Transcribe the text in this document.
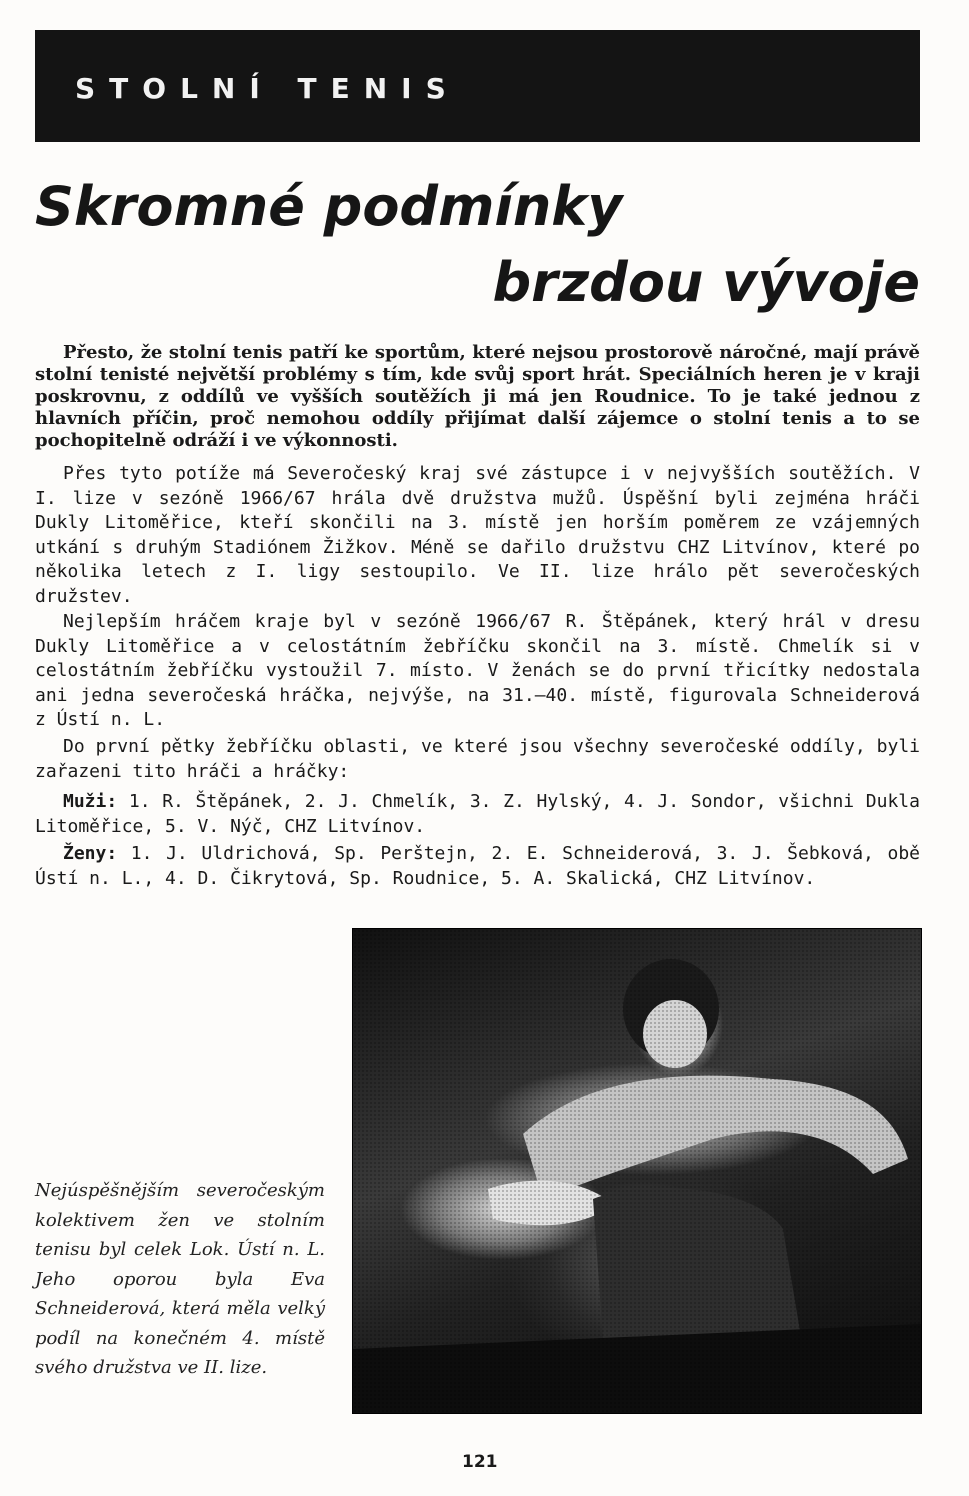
STOLNÍ TENIS
Skromné podmínky
brzdou vývoje

Přesto, že stolní tenis patří ke sportům, které nejsou prostorově náročné, mají právě stolní tenisté největší problémy s tím, kde svůj sport hrát. Speciálních heren je v kraji poskrovnu, z oddílů ve vyšších soutěžích ji má jen Roudnice. To je také jednou z hlavních příčin, proč nemohou oddíly přijímat další zájemce o stolní tenis a to se pochopitelně odráží i ve výkonnosti.

Přes tyto potíže má Severočeský kraj své zástupce i v nejvyšších soutěžích. V I. lize v sezóně 1966/67 hrála dvě družstva mužů. Úspěšní byli zejména hráči Dukly Litoměřice, kteří skončili na 3. místě jen horším poměrem ze vzájemných utkání s druhým Stadiónem Žižkov. Méně se dařilo družstvu CHZ Litvínov, které po několika letech z I. ligy sestoupilo. Ve II. lize hrálo pět severočeských družstev.

Nejlepším hráčem kraje byl v sezóně 1966/67 R. Štěpánek, který hrál v dresu Dukly Litoměřice a v celostátním žebříčku skončil na 3. místě. Chmelík si v celostátním žebříčku vystoužil 7. místo. V ženách se do první třicítky nedostala ani jedna severočeská hráčka, nejvýše, na 31.—40. místě, figurovala Schneiderová z Ústí n. L.

Do první pětky žebříčku oblasti, ve které jsou všechny severočeské oddíly, byli zařazeni tito hráči a hráčky:

Muži: 1. R. Štěpánek, 2. J. Chmelík, 3. Z. Hylský, 4. J. Sondor, všichni Dukla Litoměřice, 5. V. Nýč, CHZ Litvínov.

Ženy: 1. J. Uldrichová, Sp. Perštejn, 2. E. Schneiderová, 3. J. Šebková, obě Ústí n. L., 4. D. Čikrytová, Sp. Roudnice, 5. A. Skalická, CHZ Litvínov.

Nejúspěšnějším severočeským kolektivem žen ve stolním tenisu byl celek Lok. Ústí n. L. Jeho oporou byla Eva Schneiderová, která měla velký podíl na konečném 4. místě svého družstva ve II. lize.

121
